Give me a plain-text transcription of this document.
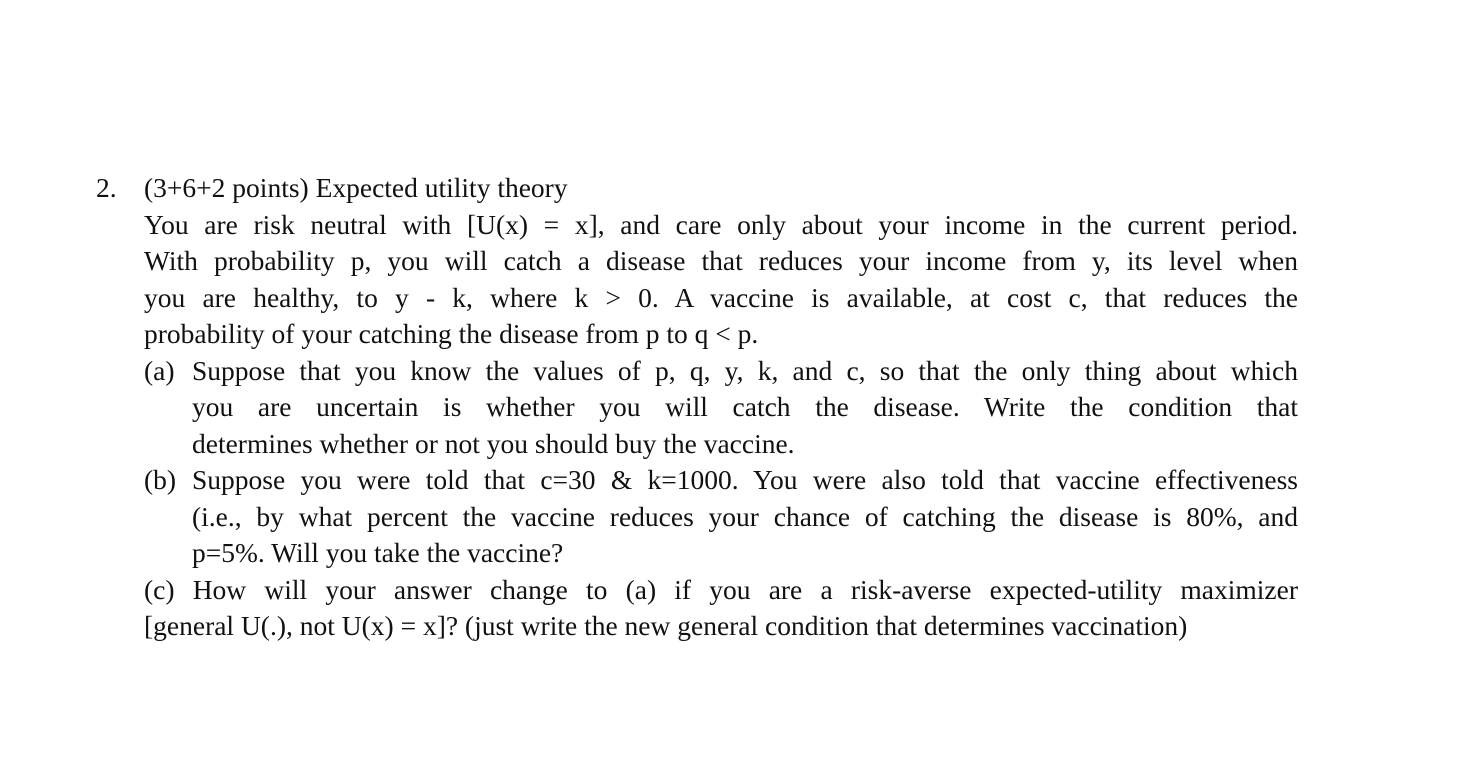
2. (3+6+2 points) Expected utility theory
You are risk neutral with [U(x) = x], and care only about your income in the current period.
With probability p, you will catch a disease that reduces your income from y, its level when
you are healthy, to y - k, where k > 0. A vaccine is available, at cost c, that reduces the
probability of your catching the disease from p to q < p.
(a) Suppose that you know the values of p, q, y, k, and c, so that the only thing about which
you are uncertain is whether you will catch the disease. Write the condition that
determines whether or not you should buy the vaccine.
(b) Suppose you were told that c=30 & k=1000. You were also told that vaccine effectiveness
(i.e., by what percent the vaccine reduces your chance of catching the disease is 80%, and
p=5%. Will you take the vaccine?
(c) How will your answer change to (a) if you are a risk-averse expected-utility maximizer
[general U(.), not U(x) = x]? (just write the new general condition that determines vaccination)
